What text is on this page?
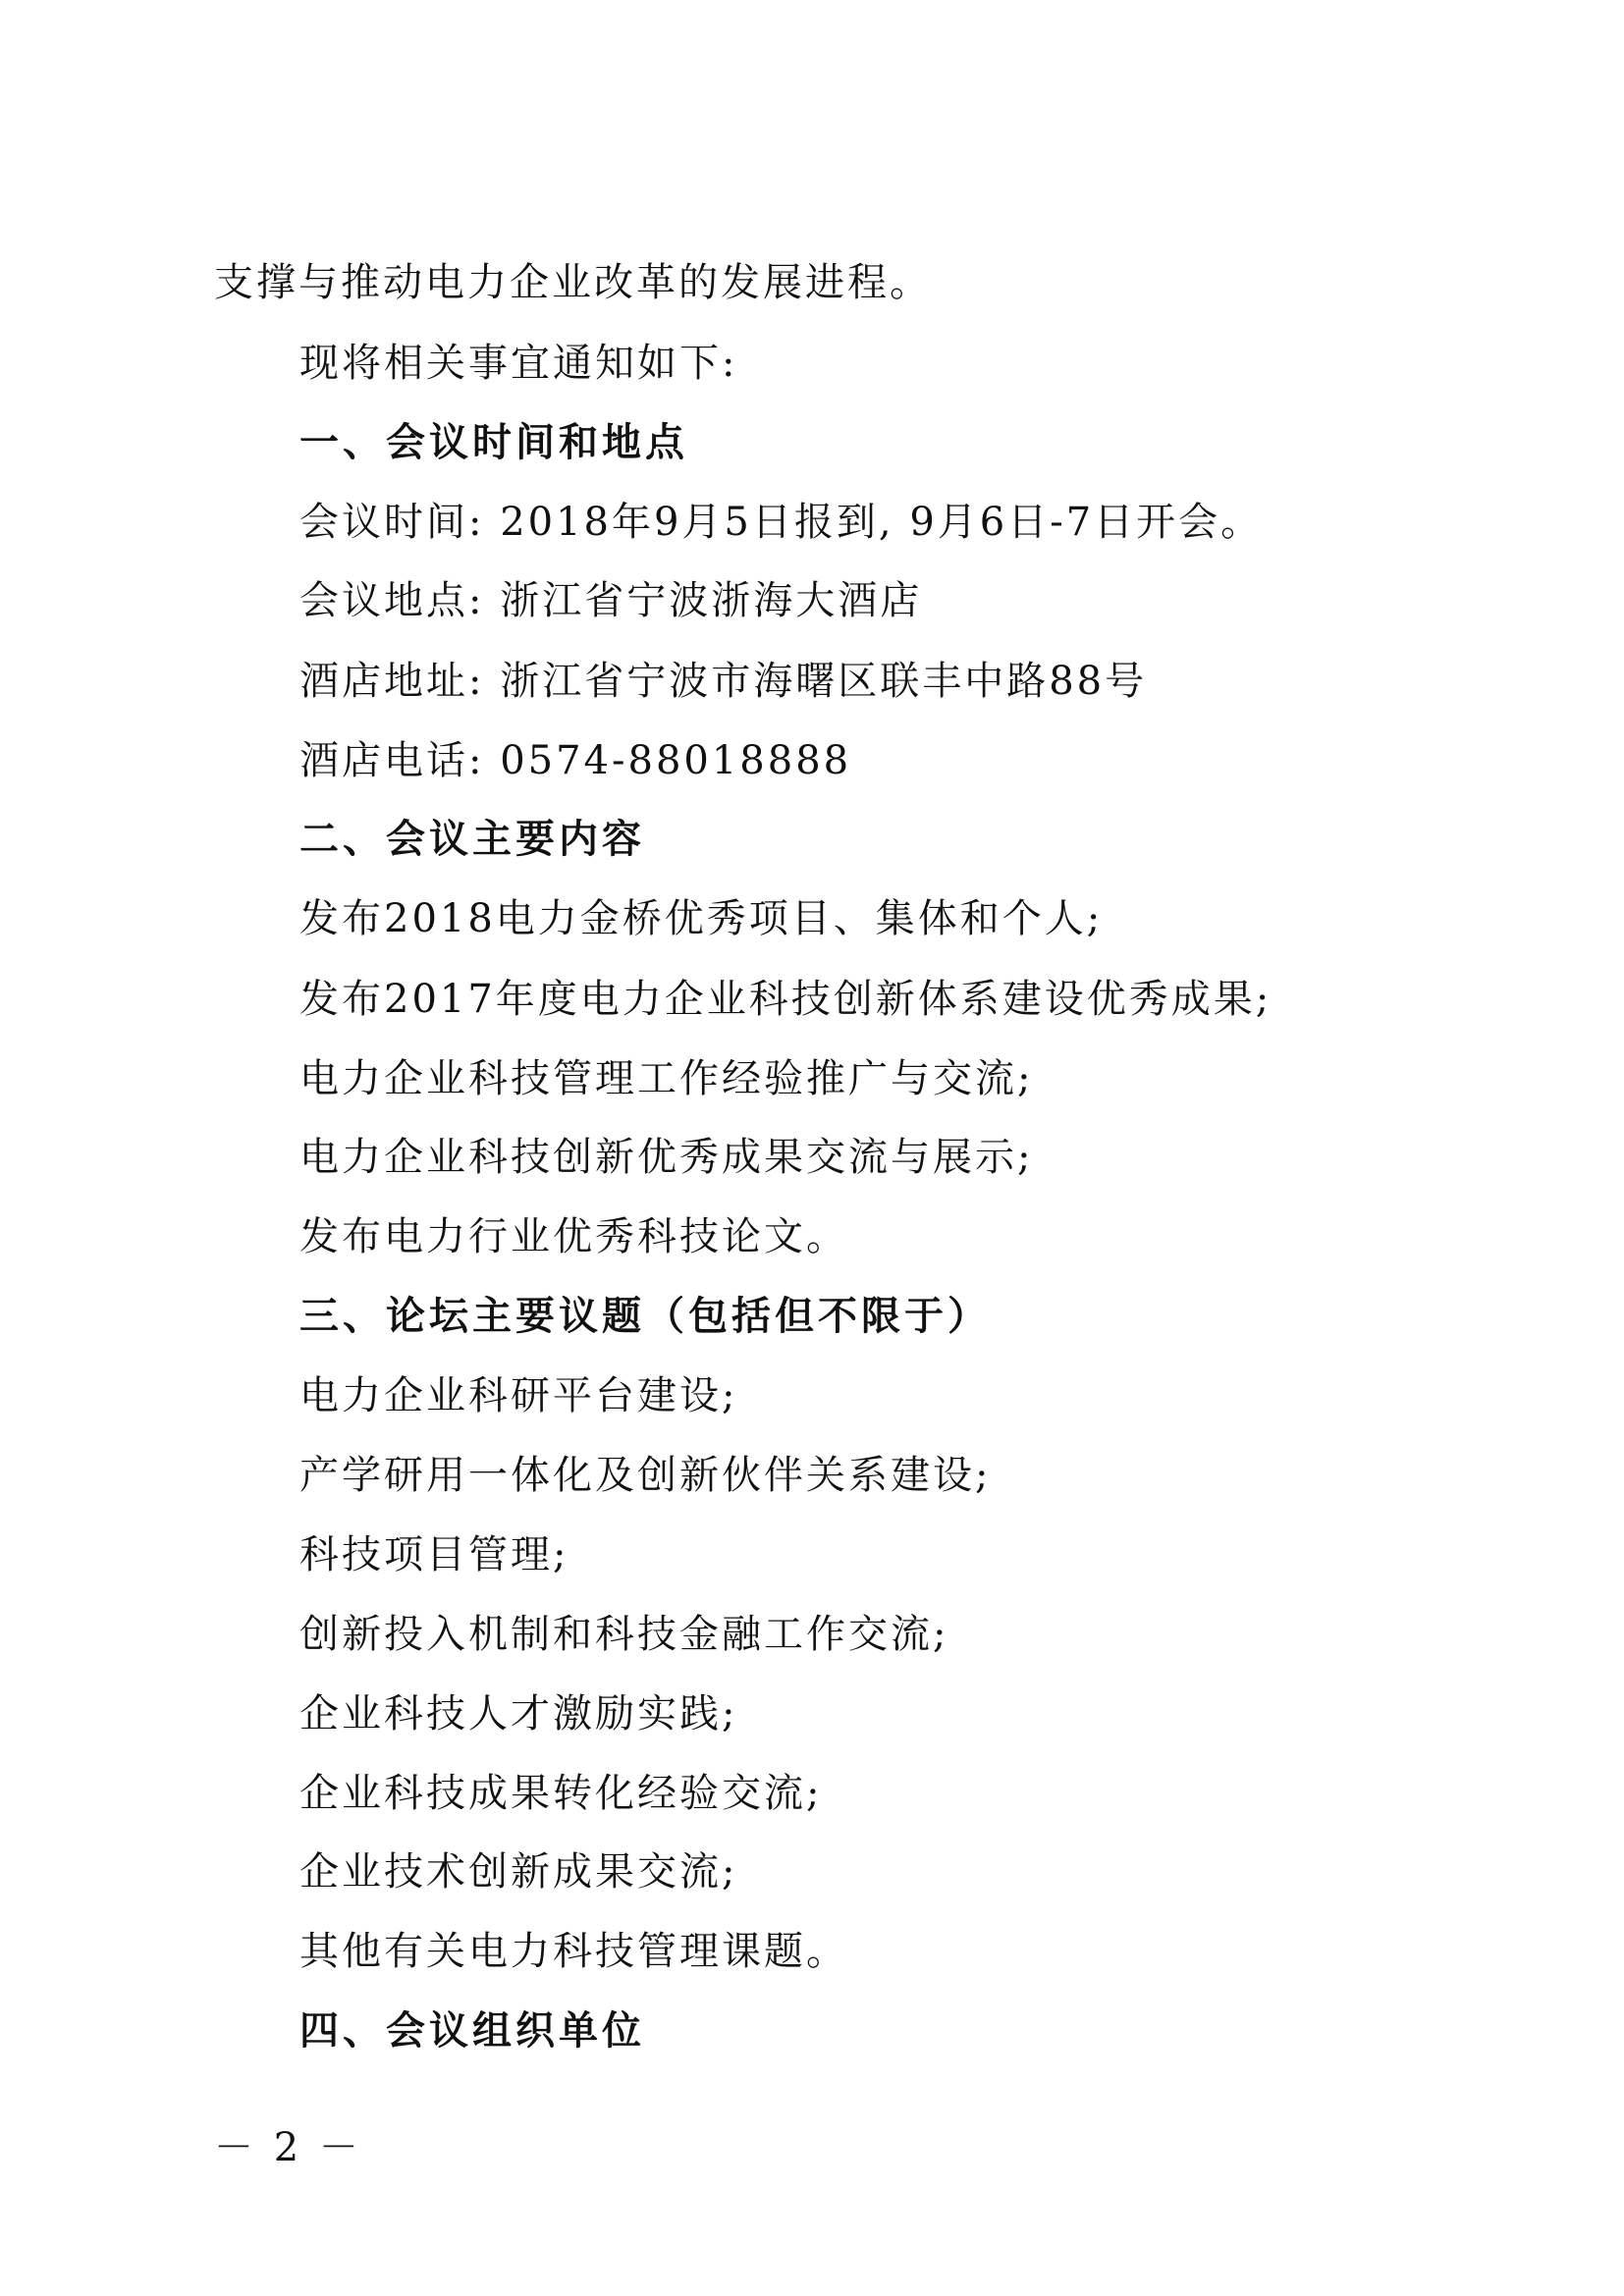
支撑与推动电力企业改革的发展进程。
现将相关事宜通知如下:
一、会议时间和地点
会议时间: 2018年9月5日报到, 9月6日-7日开会。
会议地点: 浙江省宁波浙海大酒店
酒店地址: 浙江省宁波市海曙区联丰中路88号
酒店电话: 0574-88018888
二、会议主要内容
发布2018电力金桥优秀项目、集体和个人;
发布2017年度电力企业科技创新体系建设优秀成果;
电力企业科技管理工作经验推广与交流;
电力企业科技创新优秀成果交流与展示;
发布电力行业优秀科技论文。
三、论坛主要议题（包括但不限于）
电力企业科研平台建设;
产学研用一体化及创新伙伴关系建设;
科技项目管理;
创新投入机制和科技金融工作交流;
企业科技人才激励实践;
企业科技成果转化经验交流;
企业技术创新成果交流;
其他有关电力科技管理课题。
四、会议组织单位
－ 2 －
